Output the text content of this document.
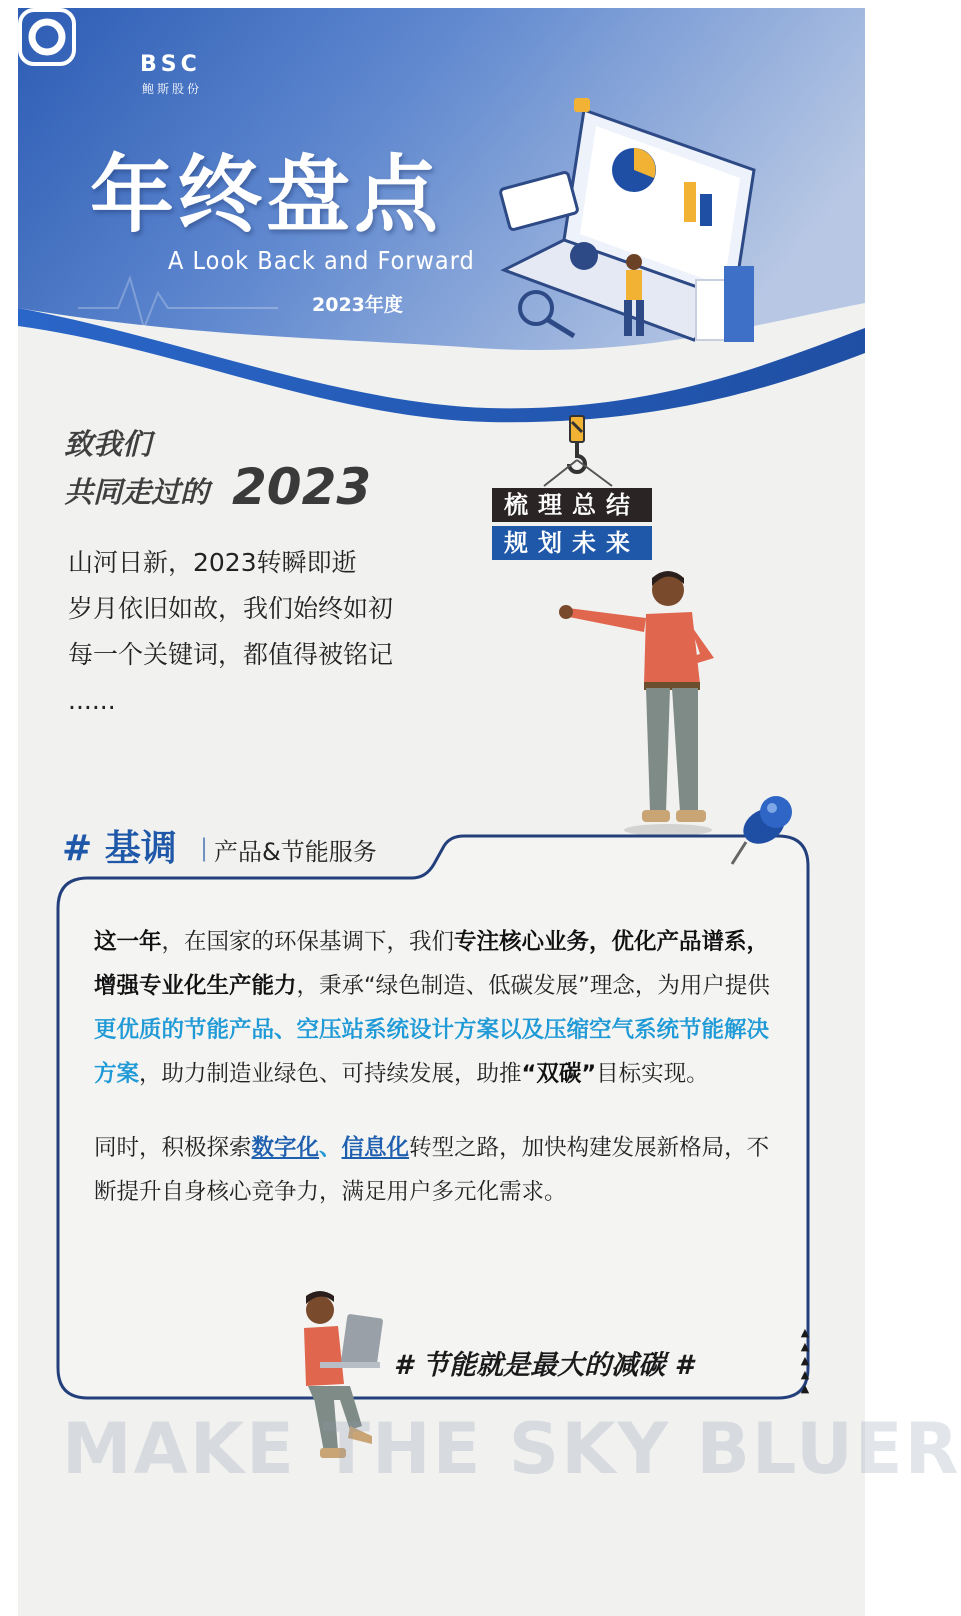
BSC
鲍斯股份
年终盘点
A Look Back and Forward
2023年度
致我们
共同走过的 2023	梳理总结
规划未来
山河日新，2023转瞬即逝
岁月依旧如故，我们始终如初
每一个关键词，都值得被铭记
......
# 基调 | 产品&节能服务

这一年，在国家的环保基调下，我们专注核心业务，优化产品谱系，增强专业化生产能力，秉承“绿色制造、低碳发展”理念，为用户提供更优质的节能产品、空压站系统设计方案以及压缩空气系统节能解决方案，助力制造业绿色、可持续发展，助推“双碳”目标实现。

同时，积极探索数字化、信息化转型之路，加快构建发展新格局，不断提升自身核心竞争力，满足用户多元化需求。

# 节能就是最大的减碳 #
▲
▲
▲
▲
▲
MAKE THE SKY BLUER
